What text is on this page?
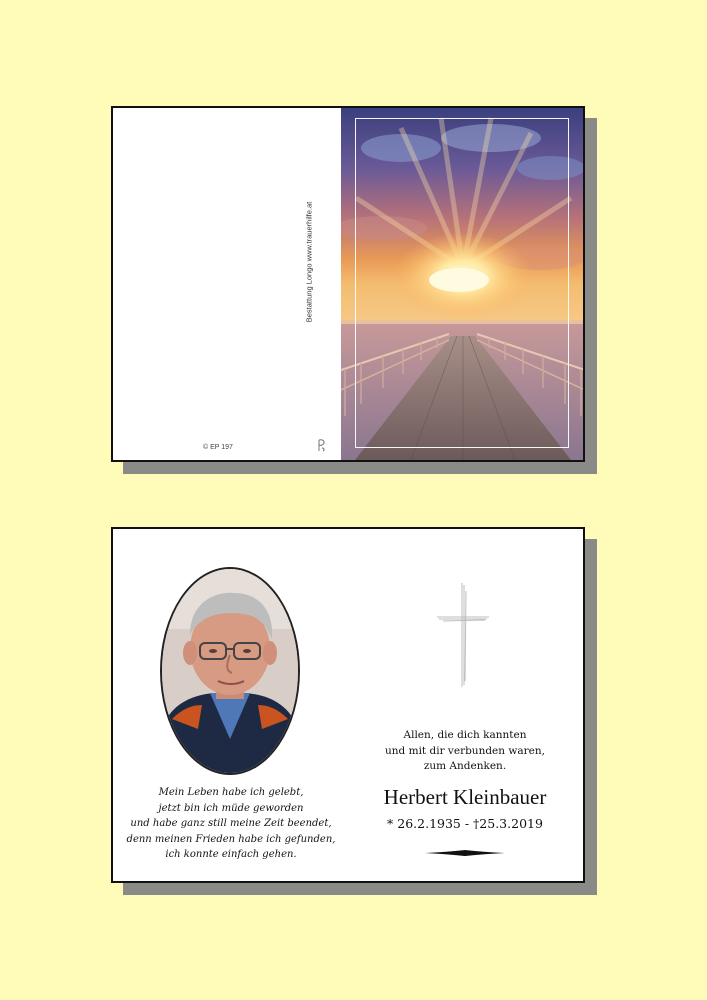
Bestattung Longo www.trauerhilfe.at
© EP 197
Mein Leben habe ich gelebt,
jetzt bin ich müde geworden
und habe ganz still meine Zeit beendet,
denn meinen Frieden habe ich gefunden,
ich konnte einfach gehen.
Allen, die dich kannten
und mit dir verbunden waren,
zum Andenken.
Herbert Kleinbauer
* 26.2.1935 - †25.3.2019
